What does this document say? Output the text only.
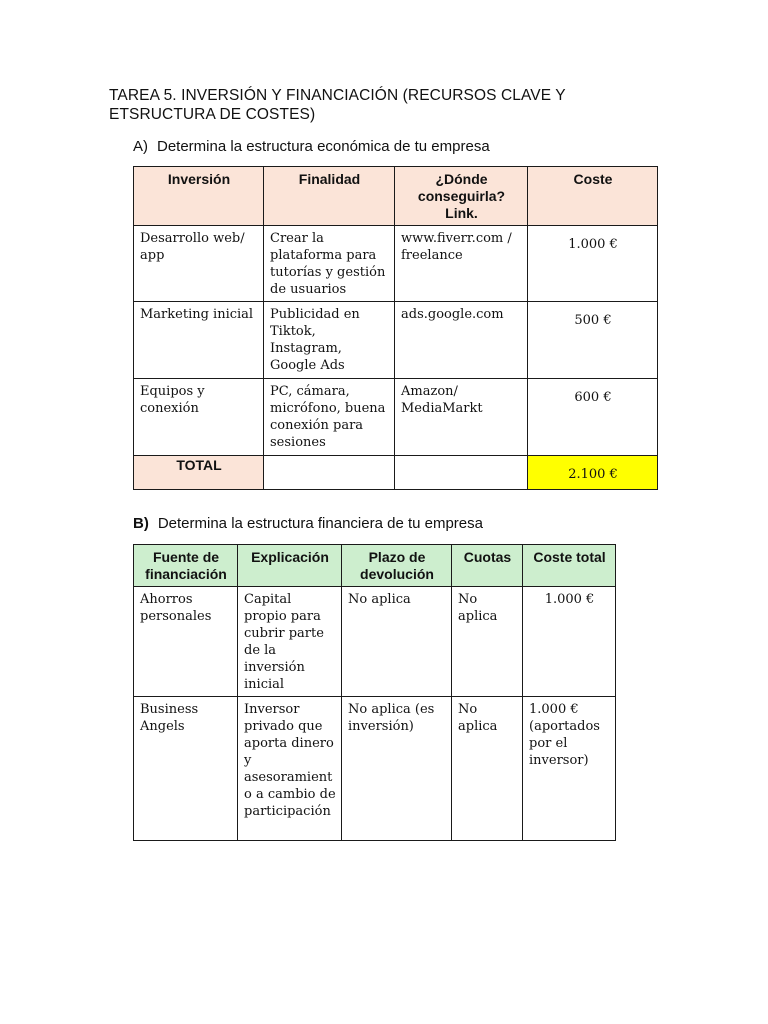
TAREA 5. INVERSIÓN Y FINANCIACIÓN (RECURSOS CLAVE Y ETSRUCTURA DE COSTES)

A) Determina la estructura económica de tu empresa

Inversión	Finalidad	¿Dónde conseguirla? Link.	Coste
Desarrollo web/ app	Crear la plataforma para tutorías y gestión de usuarios	www.fiverr.com / freelance	1.000 €
Marketing inicial	Publicidad en Tiktok, Instagram, Google Ads	ads.google.com	500 €
Equipos y conexión	PC, cámara, micrófono, buena conexión para sesiones	Amazon/ MediaMarkt	600 €
TOTAL			2.100 €

B) Determina la estructura financiera de tu empresa

Fuente de financiación	Explicación	Plazo de devolución	Cuotas	Coste total
Ahorros personales	Capital propio para cubrir parte de la inversión inicial	No aplica	No aplica	1.000 €
Business Angels	Inversor privado que aporta dinero y asesoramient o a cambio de participación	No aplica (es inversión)	No aplica	1.000 € (aportados por el inversor)
